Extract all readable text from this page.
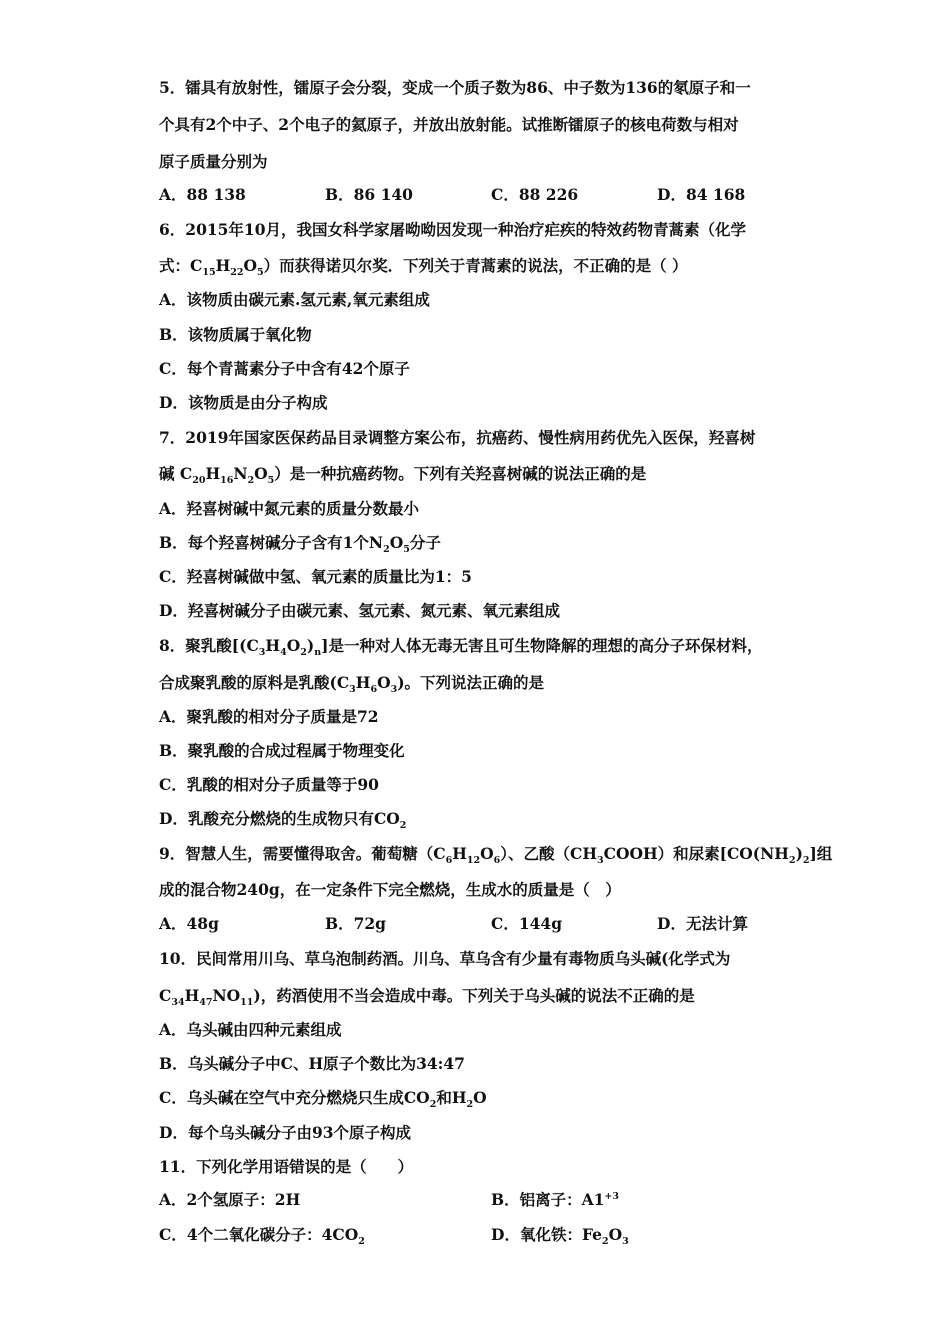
5．镭具有放射性，镭原子会分裂，变成一个质子数为86、中子数为136的氡原子和一
个具有2个中子、2个电子的氦原子，并放出放射能。试推断镭原子的核电荷数与相对
原子质量分别为
A．88 138	B．86 140	C．88 226	D．84 168
6．2015年10月，我国女科学家屠呦呦因发现一种治疗疟疾的特效药物青蒿素（化学
式：$C_{15}H_{22}O_5$）而获得诺贝尔奖．下列关于青蒿素的说法，不正确的是（ ）
A．该物质由碳元素.氢元素,氧元素组成
B．该物质属于氧化物
C．每个青蒿素分子中含有42个原子
D．该物质是由分子构成
7．2019年国家医保药品目录调整方案公布，抗癌药、慢性病用药优先入医保，羟喜树
碱 $C_{20}H_{16}N_2O_5$）是一种抗癌药物。下列有关羟喜树碱的说法正确的是
A．羟喜树碱中氮元素的质量分数最小
B．每个羟喜树碱分子含有1个$N_2O_5$分子
C．羟喜树碱做中氢、氧元素的质量比为1：5
D．羟喜树碱分子由碳元素、氢元素、氮元素、氧元素组成
8．聚乳酸$[(C_3H_4O_2)_n]$是一种对人体无毒无害且可生物降解的理想的高分子环保材料，
合成聚乳酸的原料是乳酸$(C_3H_6O_3)$。下列说法正确的是
A．聚乳酸的相对分子质量是72
B．聚乳酸的合成过程属于物理变化
C．乳酸的相对分子质量等于90
D．乳酸充分燃烧的生成物只有$CO_2$
9．智慧人生，需要懂得取舍。葡萄糖$(C_6H_{12}O_6)$、乙酸$(CH_3COOH)$和尿素$[CO(NH_2)_2]$组
成的混合物240g，在一定条件下完全燃烧，生成水的质量是（　）
A．48g	B．72g	C．144g	D．无法计算
10．民间常用川乌、草乌泡制药酒。川乌、草乌含有少量有毒物质乌头碱(化学式为
$C_{34}H_{47}NO_{11}$)，药酒使用不当会造成中毒。下列关于乌头碱的说法不正确的是
A．乌头碱由四种元素组成
B．乌头碱分子中C、H原子个数比为34:47
C．乌头碱在空气中充分燃烧只生成$CO_2$和$H_2O$
D．每个乌头碱分子由93个原子构成
11．下列化学用语错误的是（　　）
A．2个氢原子：2H	B．铝离子：$A1^{+3}$
C．4个二氧化碳分子：$4CO_2$	D．氧化铁：$Fe_2O_3$
